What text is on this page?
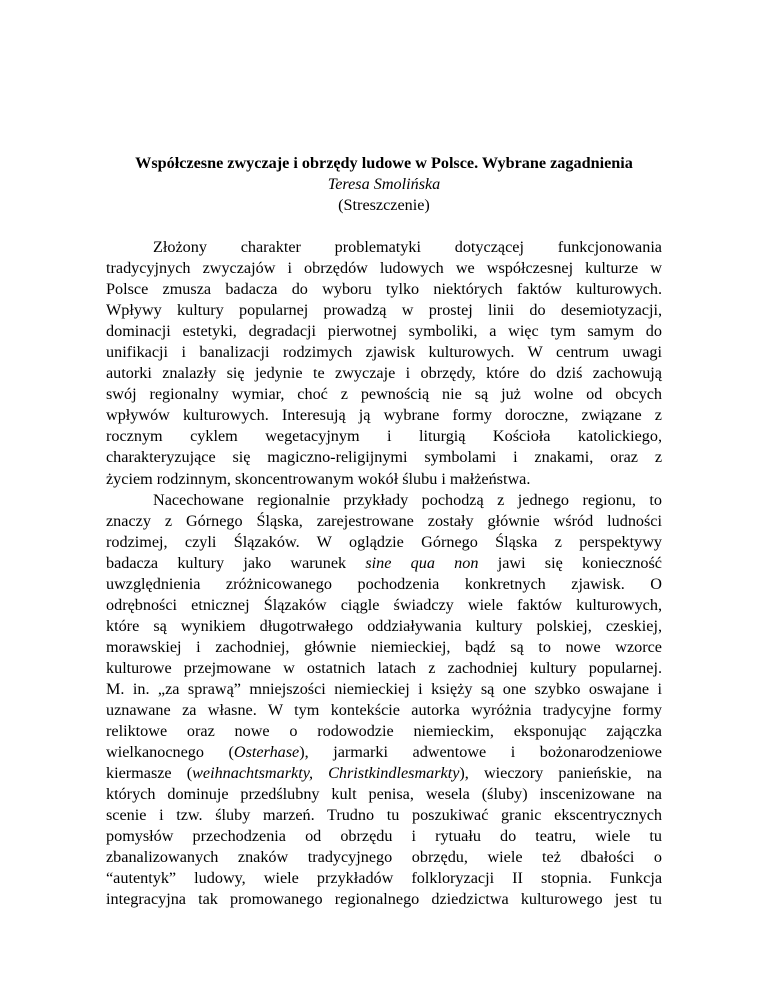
Współczesne zwyczaje i obrzędy ludowe w Polsce. Wybrane zagadnienia
Teresa Smolińska
(Streszczenie)
Złożony charakter problematyki dotyczącej funkcjonowania
tradycyjnych zwyczajów i obrzędów ludowych we współczesnej kulturze w
Polsce zmusza badacza do wyboru tylko niektórych faktów kulturowych.
Wpływy kultury popularnej prowadzą w prostej linii do desemiotyzacji,
dominacji estetyki, degradacji pierwotnej symboliki, a więc tym samym do
unifikacji i banalizacji rodzimych zjawisk kulturowych. W centrum uwagi
autorki znalazły się jedynie te zwyczaje i obrzędy, które do dziś zachowują
swój regionalny wymiar, choć z pewnością nie są już wolne od obcych
wpływów kulturowych. Interesują ją wybrane formy doroczne, związane z
rocznym cyklem wegetacyjnym i liturgią Kościoła katolickiego,
charakteryzujące się magiczno-religijnymi symbolami i znakami, oraz z
życiem rodzinnym, skoncentrowanym wokół ślubu i małżeństwa.
Nacechowane regionalnie przykłady pochodzą z jednego regionu, to
znaczy z Górnego Śląska, zarejestrowane zostały głównie wśród ludności
rodzimej, czyli Ślązaków. W oglądzie Górnego Śląska z perspektywy
badacza kultury jako warunek sine qua non jawi się konieczność
uwzględnienia zróżnicowanego pochodzenia konkretnych zjawisk. O
odrębności etnicznej Ślązaków ciągle świadczy wiele faktów kulturowych,
które są wynikiem długotrwałego oddziaływania kultury polskiej, czeskiej,
morawskiej i zachodniej, głównie niemieckiej, bądź są to nowe wzorce
kulturowe przejmowane w ostatnich latach z zachodniej kultury popularnej.
M. in. „za sprawą” mniejszości niemieckiej i księży są one szybko oswajane i
uznawane za własne. W tym kontekście autorka wyróżnia tradycyjne formy
reliktowe oraz nowe o rodowodzie niemieckim, eksponując zajączka
wielkanocnego (Osterhase), jarmarki adwentowe i bożonarodzeniowe
kiermasze (weihnachtsmarkty, Christkindlesmarkty), wieczory panieńskie, na
których dominuje przedślubny kult penisa, wesela (śluby) inscenizowane na
scenie i tzw. śluby marzeń. Trudno tu poszukiwać granic ekscentrycznych
pomysłów przechodzenia od obrzędu i rytuału do teatru, wiele tu
zbanalizowanych znaków tradycyjnego obrzędu, wiele też dbałości o
“autentyk” ludowy, wiele przykładów folkloryzacji II stopnia. Funkcja
integracyjna tak promowanego regionalnego dziedzictwa kulturowego jest tu
